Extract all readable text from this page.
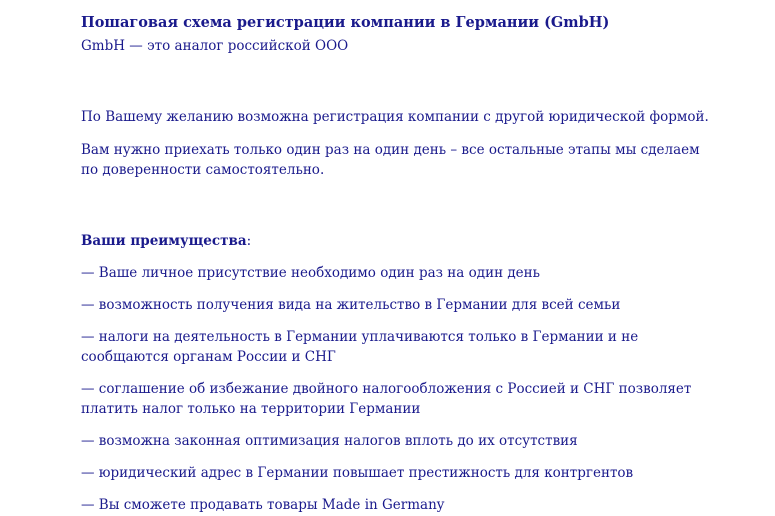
Пошаговая схема регистрации компании в Германии (GmbH)

GmbH — это аналог российской ООО

По Вашему желанию возможна регистрация компании с другой юридической формой.

Вам нужно приехать только один раз на один день – все остальные этапы мы сделаем по доверенности самостоятельно.

Ваши преимущества:
— Ваше личное присутствие необходимо один раз на один день
— возможность получения вида на жительство в Германии для всей семьи
— налоги на деятельность в Германии уплачиваются только в Германии и не сообщаются органам России и СНГ
— соглашение об избежание двойного налогообложения с Россией и СНГ позволяет платить налог только на территории Германии
— возможна законная оптимизация налогов вплоть до их отсутствия
— юридический адрес в Германии повышает престижность для контргентов
— Вы сможете продавать товары Made in Germany
